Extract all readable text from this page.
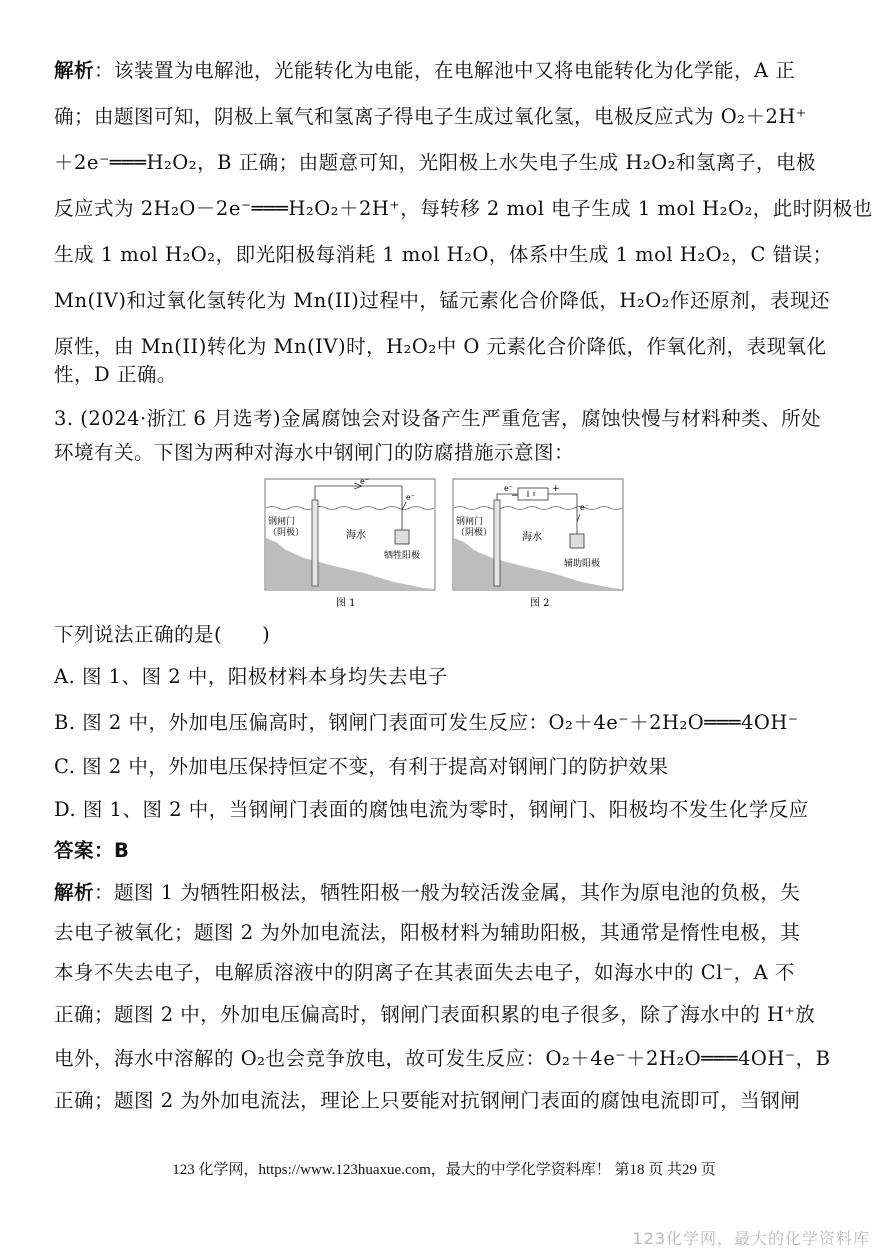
解析：该装置为电解池，光能转化为电能，在电解池中又将电能转化为化学能，A 正
确；由题图可知，阴极上氧气和氢离子得电子生成过氧化氢，电极反应式为 O₂＋2H⁺
＋2e⁻═══H₂O₂，B 正确；由题意可知，光阳极上水失电子生成 H₂O₂和氢离子，电极
反应式为 2H₂O－2e⁻═══H₂O₂＋2H⁺，每转移 2 mol 电子生成 1 mol H₂O₂，此时阴极也
生成 1 mol H₂O₂，即光阳极每消耗 1 mol H₂O，体系中生成 1 mol H₂O₂，C 错误；
Mn(IV)和过氧化氢转化为 Mn(II)过程中，锰元素化合价降低，H₂O₂作还原剂，表现还
原性，由 Mn(II)转化为 Mn(IV)时，H₂O₂中 O 元素化合价降低，作氧化剂，表现氧化
性，D 正确。
3. (2024·浙江 6 月选考)金属腐蚀会对设备产生严重危害，腐蚀快慢与材料种类、所处
环境有关。下图为两种对海水中钢闸门的防腐措施示意图：
e⁻
e⁻
钢闸门
（阴极）	海水
牺牲阳极
图 1
e⁻
−
+
e⁻
钢闸门
（阴极）	海水
辅助阳极
图 2
下列说法正确的是(　　)
A. 图 1、图 2 中，阳极材料本身均失去电子
B. 图 2 中，外加电压偏高时，钢闸门表面可发生反应：O₂＋4e⁻＋2H₂O═══4OH⁻
C. 图 2 中，外加电压保持恒定不变，有利于提高对钢闸门的防护效果
D. 图 1、图 2 中，当钢闸门表面的腐蚀电流为零时，钢闸门、阳极均不发生化学反应
答案：B
解析：题图 1 为牺牲阳极法，牺牲阳极一般为较活泼金属，其作为原电池的负极，失
去电子被氧化；题图 2 为外加电流法，阳极材料为辅助阳极，其通常是惰性电极，其
本身不失去电子，电解质溶液中的阴离子在其表面失去电子，如海水中的 Cl⁻，A 不
正确；题图 2 中，外加电压偏高时，钢闸门表面积累的电子很多，除了海水中的 H⁺放
电外，海水中溶解的 O₂也会竞争放电，故可发生反应：O₂＋4e⁻＋2H₂O═══4OH⁻，B
正确；题图 2 为外加电流法，理论上只要能对抗钢闸门表面的腐蚀电流即可，当钢闸
123 化学网，https://www.123huaxue.com，最大的中学化学资料库！ 第18 页 共29 页
123化学网，最大的化学资料库
